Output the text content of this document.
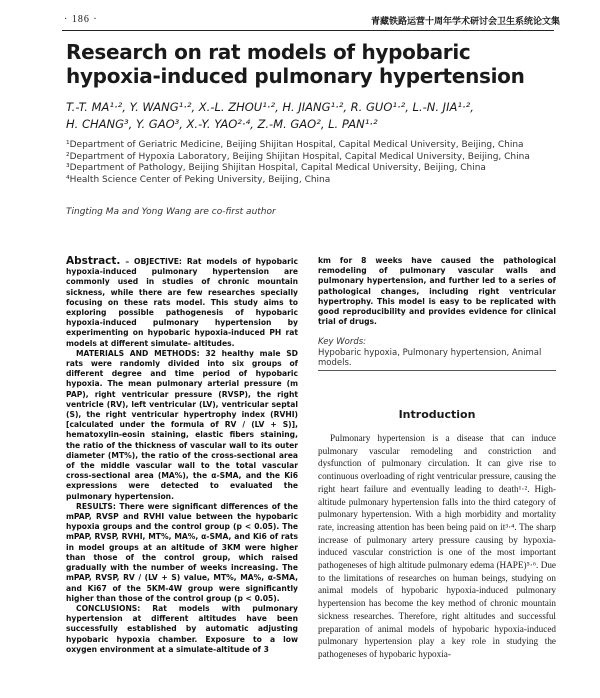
· 186 ·	青藏铁路运营十周年学术研讨会卫生系统论文集
Research on rat models of hypobaric
hypoxia-induced pulmonary hypertension
T.-T. MA¹·², Y. WANG¹·², X.-L. ZHOU¹·², H. JIANG¹·², R. GUO¹·², L.-N. JIA¹·²,
H. CHANG³, Y. GAO³, X.-Y. YAO²·⁴, Z.-M. GAO², L. PAN¹·²
¹Department of Geriatric Medicine, Beijing Shijitan Hospital, Capital Medical University, Beijing, China
²Department of Hypoxia Laboratory, Beijing Shijitan Hospital, Capital Medical University, Beijing, China
³Department of Pathology, Beijing Shijitan Hospital, Capital Medical University, Beijing, China
⁴Health Science Center of Peking University, Beijing, China
Tingting Ma and Yong Wang are co-first author

Abstract. – OBJECTIVE: Rat models of hypobaric hypoxia-induced pulmonary hypertension are commonly used in studies of chronic mountain sickness, while there are few researches specially focusing on these rats model. This study aims to exploring possible pathogenesis of hypobaric hypoxia-induced pulmonary hypertension by experimenting on hypobaric hypoxia-induced PH rat models at different simulate- altitudes.

MATERIALS AND METHODS: 32 healthy male SD rats were randomly divided into six groups of different degree and time period of hypobaric hypoxia. The mean pulmonary arterial pressure (m PAP), right ventricular pressure (RVSP), the right ventricle (RV), left ventricular (LV), ventricular septal (S), the right ventricular hypertrophy index (RVHI) [calculated under the formula of RV / (LV + S)], hematoxylin-eosin staining, elastic fibers staining, the ratio of the thickness of vascular wall to its outer diameter (MT%), the ratio of the cross-sectional area of the middle vascular wall to the total vascular cross-sectional area (MA%), the α-SMA, and the Ki6 expressions were detected to evaluated the pulmonary hypertension.

RESULTS: There were significant differences of the mPAP, RVSP and RVHI value between the hypobaric hypoxia groups and the control group (p < 0.05). The mPAP, RVSP, RVHI, MT%, MA%, α-SMA, and Ki6 of rats in model groups at an altitude of 3KM were higher than those of the control group, which raised gradually with the number of weeks increasing. The mPAP, RVSP, RV / (LV + S) value, MT%, MA%, α-SMA, and Ki67 of the 5KM-4W group were significantly higher than those of the control group (p < 0.05).

CONCLUSIONS: Rat models with pulmonary hypertension at different altitudes have been successfully established by automatic adjusting hypobaric hypoxia chamber. Exposure to a low oxygen environment at a simulate-altitude of 3

km for 8 weeks have caused the pathological remodeling of pulmonary vascular walls and pulmonary hypertension, and further led to a series of pathological changes, including right ventricular hypertrophy. This model is easy to be replicated with good reproducibility and provides evidence for clinical trial of drugs.

Key Words:
Hypobaric hypoxia, Pulmonary hypertension, Animal models.
Introduction

Pulmonary hypertension is a disease that can induce pulmonary vascular remodeling and constriction and dysfunction of pulmonary circulation. It can give rise to continuous overloading of right ventricular pressure, causing the right heart failure and eventually leading to death¹·². High-altitude pulmonary hypertension falls into the third category of pulmonary hypertension. With a high morbidity and mortality rate, increasing attention has been being paid on it³·⁴. The sharp increase of pulmonary artery pressure causing by hypoxia-induced vascular constriction is one of the most important pathogeneses of high altitude pulmonary edema (HAPE)⁵·⁶. Due to the limitations of researches on human beings, studying on animal models of hypobaric hypoxia-induced pulmonary hypertension has become the key method of chronic mountain sickness researches. Therefore, right altitudes and successful preparation of animal models of hypobaric hypoxia-induced pulmonary hypertension play a key role in studying the pathogeneses of hypobaric hypoxia-
